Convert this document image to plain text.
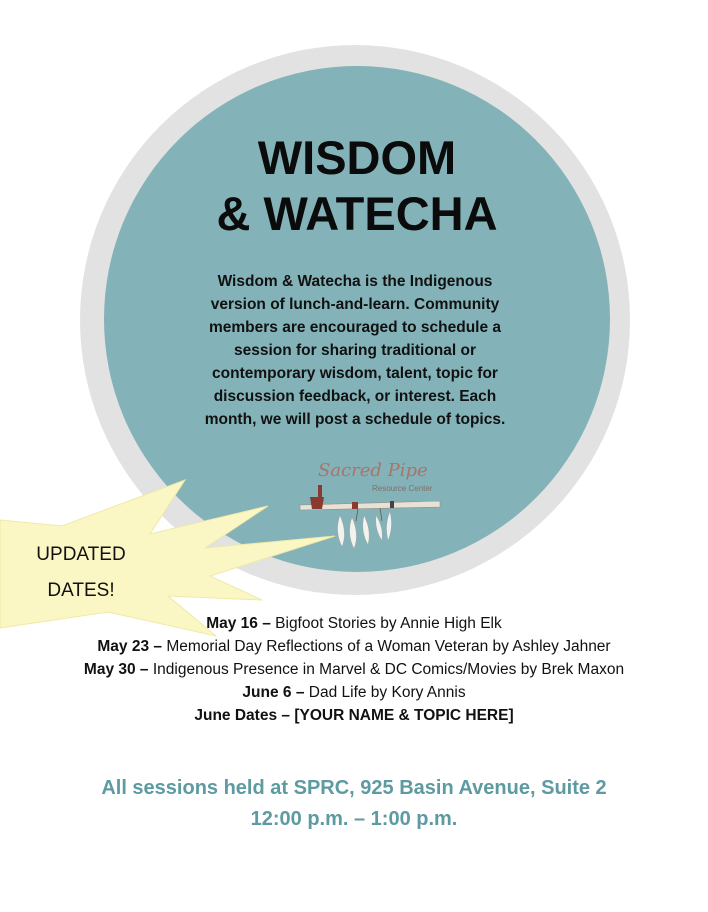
WISDOM
& WATECHA
Wisdom & Watecha is the Indigenous version of lunch-and-learn. Community members are encouraged to schedule a session for sharing traditional or contemporary wisdom, talent, topic for discussion feedback, or interest. Each month, we will post a schedule of topics.
Sacred Pipe
Resource Center
UPDATED
DATES!
May 16 – Bigfoot Stories by Annie High Elk
May 23 – Memorial Day Reflections of a Woman Veteran by Ashley Jahner
May 30 – Indigenous Presence in Marvel & DC Comics/Movies by Brek Maxon
June 6 – Dad Life by Kory Annis
June Dates – [YOUR NAME & TOPIC HERE]
All sessions held at SPRC, 925 Basin Avenue, Suite 2
12:00 p.m. – 1:00 p.m.
